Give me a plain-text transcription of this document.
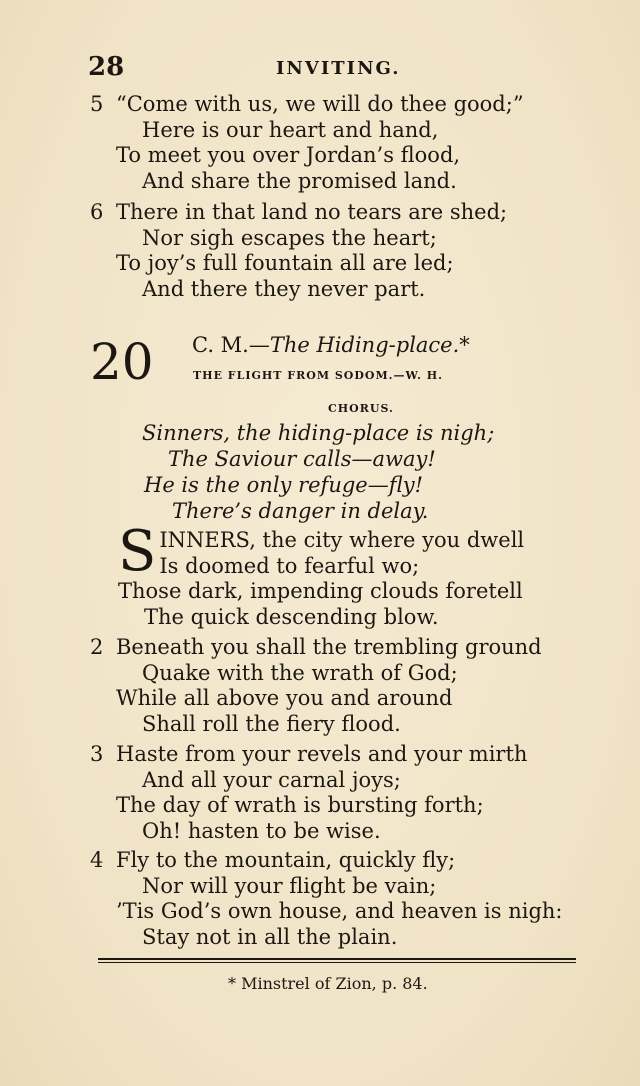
28	INVITING.
5 “Come with us, we will do thee good;”
Here is our heart and hand,
To meet you over Jordan’s flood,
And share the promised land.
6 There in that land no tears are shed;
Nor sigh escapes the heart;
To joy’s full fountain all are led;
And there they never part.
20 C. M.—The Hiding-place.*
THE FLIGHT FROM SODOM.—W. H.
CHORUS.
Sinners, the hiding-place is nigh;
The Saviour calls—away!
He is the only refuge—fly!
There’s danger in delay.
S INNERS, the city where you dwell
Is doomed to fearful wo;
Those dark, impending clouds foretell
The quick descending blow.
2 Beneath you shall the trembling ground
Quake with the wrath of God;
While all above you and around
Shall roll the fiery flood.
3 Haste from your revels and your mirth
And all your carnal joys;
The day of wrath is bursting forth;
Oh! hasten to be wise.
4 Fly to the mountain, quickly fly;
Nor will your flight be vain;
’Tis God’s own house, and heaven is nigh:
Stay not in all the plain.
* Minstrel of Zion, p. 84.
